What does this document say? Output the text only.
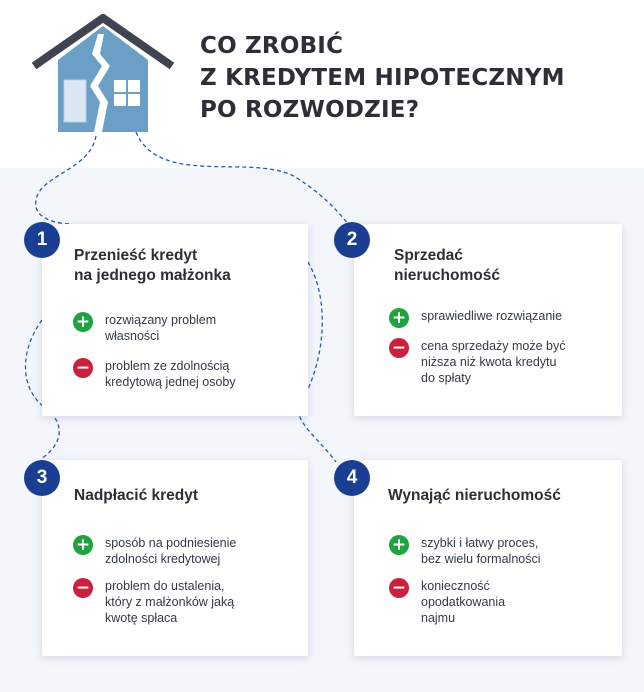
CO ZROBIĆ
Z KREDYTEM HIPOTECZNYM
PO ROZWODZIE?
Przenieść kredyt
na jednego małżonka
+ rozwiązany problem
własności
− problem ze zdolnością
kredytową jednej osoby
Sprzedać
nieruchomość
+ sprawiedliwe rozwiązanie
− cena sprzedaży może być
niższa niż kwota kredytu
do spłaty
Nadpłacić kredyt
+ sposób na podniesienie
zdolności kredytowej
− problem do ustalenia,
który z małżonków jaką
kwotę spłaca
Wynająć nieruchomość
+ szybki i łatwy proces,
bez wielu formalności
− konieczność
opodatkowania
najmu
1	2
3	4
